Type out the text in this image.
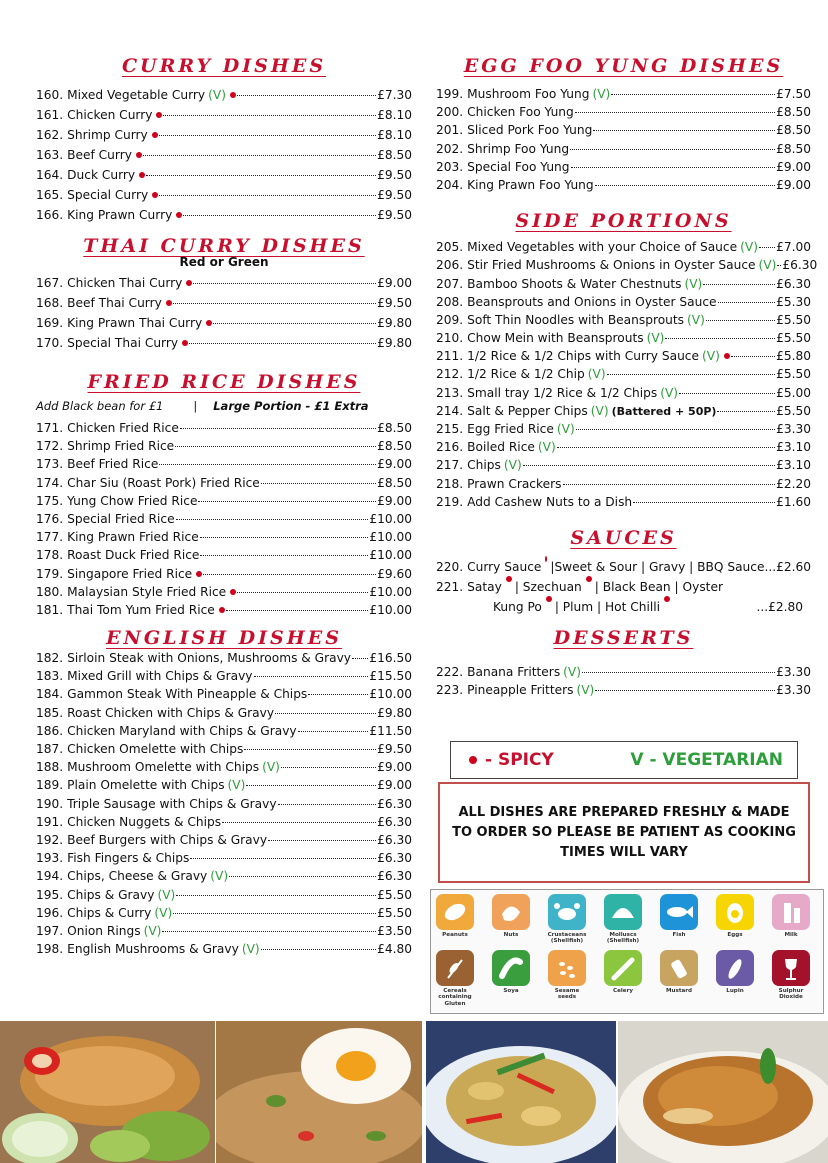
CURRY DISHES
160. Mixed Vegetable Curry (V)	£7.30
161. Chicken Curry	£8.10
162. Shrimp Curry	£8.10
163. Beef Curry	£8.50
164. Duck Curry	£9.50
165. Special Curry	£9.50
166. King Prawn Curry	£9.50
THAI CURRY DISHES
Red or Green
167. Chicken Thai Curry	£9.00
168. Beef Thai Curry	£9.50
169. King Prawn Thai Curry	£9.80
170. Special Thai Curry	£9.80
FRIED RICE DISHES
Add Black bean for £1	| Large Portion - £1 Extra
171. Chicken Fried Rice	£8.50
172. Shrimp Fried Rice	£8.50
173. Beef Fried Rice	£9.00
174. Char Siu (Roast Pork) Fried Rice	£8.50
175. Yung Chow Fried Rice	£9.00
176. Special Fried Rice	£10.00
177. King Prawn Fried Rice	£10.00
178. Roast Duck Fried Rice	£10.00
179. Singapore Fried Rice	£9.60
180. Malaysian Style Fried Rice	£10.00
181. Thai Tom Yum Fried Rice	£10.00
ENGLISH DISHES
182. Sirloin Steak with Onions, Mushrooms & Gravy £16.50
183. Mixed Grill with Chips & Gravy	£15.50
184. Gammon Steak With Pineapple & Chips	£10.00
185. Roast Chicken with Chips & Gravy	£9.80
186. Chicken Maryland with Chips & Gravy	£11.50
187. Chicken Omelette with Chips	£9.50
188. Mushroom Omelette with Chips (V)	£9.00
189. Plain Omelette with Chips (V)	£9.00
190. Triple Sausage with Chips & Gravy	£6.30
191. Chicken Nuggets & Chips	£6.30
192. Beef Burgers with Chips & Gravy	£6.30
193. Fish Fingers & Chips	£6.30
194. Chips, Cheese & Gravy (V)	£6.30
195. Chips & Gravy (V)	£5.50
196. Chips & Curry (V)	£5.50
197. Onion Rings (V)	£3.50
198. English Mushrooms & Gravy (V)	£4.80
EGG FOO YUNG DISHES
199. Mushroom Foo Yung (V)	£7.50
200. Chicken Foo Yung	£8.50
201. Sliced Pork Foo Yung	£8.50
202. Shrimp Foo Yung	£8.50
203. Special Foo Yung	£9.00
204. King Prawn Foo Yung	£9.00
SIDE PORTIONS
205. Mixed Vegetables with your Choice of Sauce (V) £7.00
206. Stir Fried Mushrooms & Onions in Oyster Sauce (V) £6.30
207. Bamboo Shoots & Water Chestnuts (V)	£6.30
208. Beansprouts and Onions in Oyster Sauce	£5.30
209. Soft Thin Noodles with Beansprouts (V)	£5.50
210. Chow Mein with Beansprouts (V)	£5.50
211. 1/2 Rice & 1/2 Chips with Curry Sauce (V)	£5.80
212. 1/2 Rice & 1/2 Chip (V)	£5.50
213. Small tray 1/2 Rice & 1/2 Chips (V)	£5.00
214. Salt & Pepper Chips (V) (Battered + 50P)	£5.50
215. Egg Fried Rice (V)	£3.30
216. Boiled Rice (V)	£3.10
217. Chips (V)	£3.10
218. Prawn Crackers	£2.20
219. Add Cashew Nuts to a Dish	£1.60
SAUCES
220. Curry Sauce |Sweet & Sour | Gravy | BBQ Sauce ...£2.60
221. Satay | Szechuan | Black Bean | Oyster
Kung Po | Plum | Hot Chilli	...£2.80
DESSERTS
222. Banana Fritters (V)	£3.30
223. Pineapple Fritters (V)	£3.30
- SPICY	V - VEGETARIAN
ALL DISHES ARE PREPARED FRESHLY & MADE TO ORDER SO PLEASE BE PATIENT AS COOKING TIMES WILL VARY
Peanuts	Nuts	Crustaceans (Shellfish)
Molluscs (Shellfish)
Fish	Eggs	Milk
Cereals containing Gluten
Soya	Sesame seeds
Celery	Mustard	Lupin	Sulphur Dioxide
